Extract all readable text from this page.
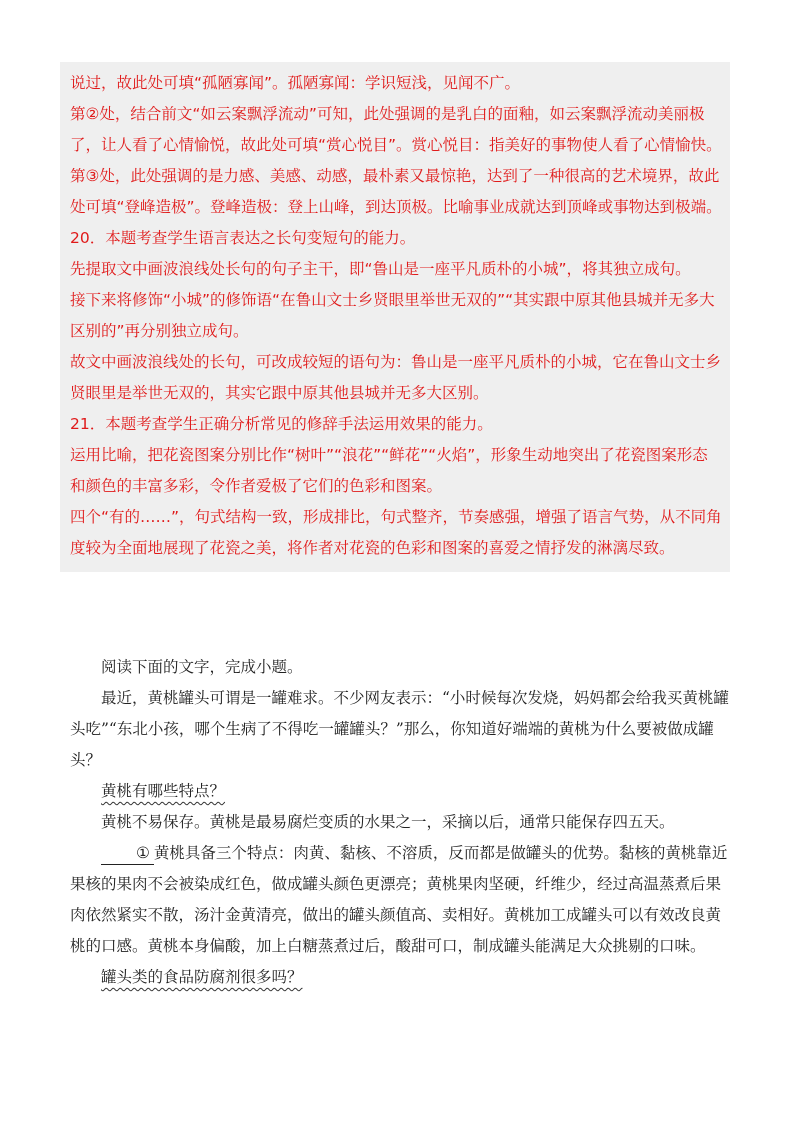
说过，故此处可填“孤陋寡闻”。孤陋寡闻：学识短浅，见闻不广。

第②处，结合前文“如云案飘浮流动”可知，此处强调的是乳白的面釉，如云案飘浮流动美丽极了，让人看了心情愉悦，故此处可填“赏心悦目”。赏心悦目：指美好的事物使人看了心情愉快。

第③处，此处强调的是力感、美感、动感，最朴素又最惊艳，达到了一种很高的艺术境界，故此处可填“登峰造极”。登峰造极：登上山峰，到达顶极。比喻事业成就达到顶峰或事物达到极端。

20．本题考查学生语言表达之长句变短句的能力。

先提取文中画波浪线处长句的句子主干，即“鲁山是一座平凡质朴的小城”，将其独立成句。

接下来将修饰“小城”的修饰语“在鲁山文士乡贤眼里举世无双的”“其实跟中原其他县城并无多大区别的”再分别独立成句。

故文中画波浪线处的长句，可改成较短的语句为：鲁山是一座平凡质朴的小城，它在鲁山文士乡贤眼里是举世无双的，其实它跟中原其他县城并无多大区别。

21．本题考查学生正确分析常见的修辞手法运用效果的能力。

运用比喻，把花瓷图案分别比作“树叶”“浪花”“鲜花”“火焰”，形象生动地突出了花瓷图案形态和颜色的丰富多彩，令作者爱极了它们的色彩和图案。

四个“有的……”，句式结构一致，形成排比，句式整齐，节奏感强，增强了语言气势，从不同角度较为全面地展现了花瓷之美，将作者对花瓷的色彩和图案的喜爱之情抒发的淋漓尽致。

阅读下面的文字，完成小题。

最近，黄桃罐头可谓是一罐难求。不少网友表示：“小时候每次发烧，妈妈都会给我买黄桃罐头吃”“东北小孩，哪个生病了不得吃一罐罐头？”那么，你知道好端端的黄桃为什么要被做成罐头？

黄桃有哪些特点？

黄桃不易保存。黄桃是最易腐烂变质的水果之一，采摘以后，通常只能保存四五天。

① 黄桃具备三个特点：肉黄、黏核、不溶质，反而都是做罐头的优势。黏核的黄桃靠近果核的果肉不会被染成红色，做成罐头颜色更漂亮；黄桃果肉坚硬，纤维少，经过高温蒸煮后果肉依然紧实不散，汤汁金黄清亮，做出的罐头颜值高、卖相好。黄桃加工成罐头可以有效改良黄桃的口感。黄桃本身偏酸，加上白糖蒸煮过后，酸甜可口，制成罐头能满足大众挑剔的口味。

罐头类的食品防腐剂很多吗？
